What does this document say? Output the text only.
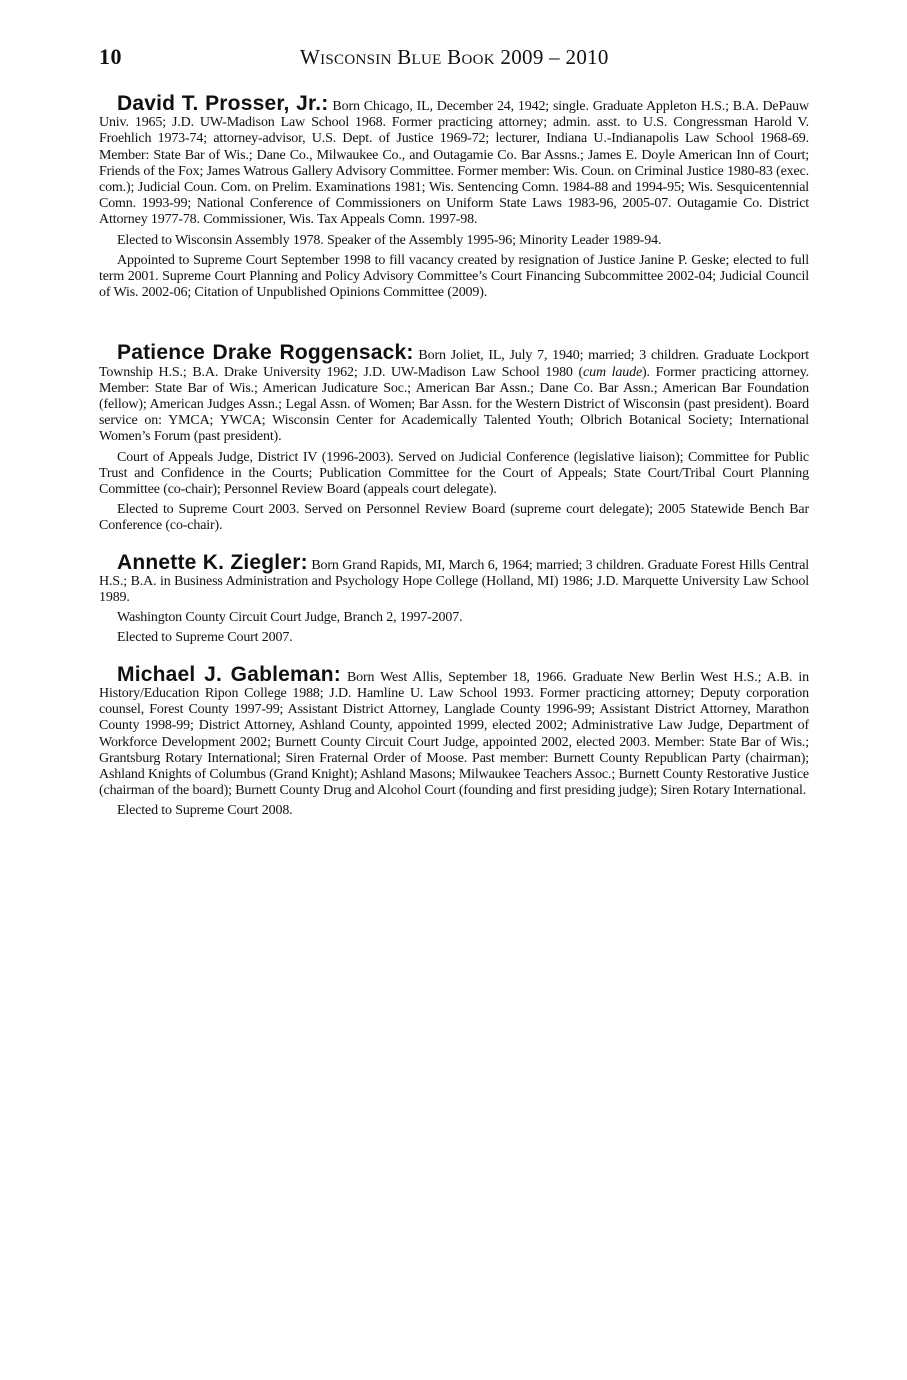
10	Wisconsin Blue Book 2009 – 2010

David T. Prosser, Jr.: Born Chicago, IL, December 24, 1942; single. Graduate Appleton H.S.; B.A. DePauw Univ. 1965; J.D. UW-Madison Law School 1968. Former practicing attorney; admin. asst. to U.S. Congressman Harold V. Froehlich 1973-74; attorney-advisor, U.S. Dept. of Justice 1969-72; lecturer, Indiana U.-Indianapolis Law School 1968-69. Member: State Bar of Wis.; Dane Co., Milwaukee Co., and Outagamie Co. Bar Assns.; James E. Doyle American Inn of Court; Friends of the Fox; James Watrous Gallery Advisory Committee. Former member: Wis. Coun. on Criminal Justice 1980-83 (exec. com.); Judicial Coun. Com. on Prelim. Examinations 1981; Wis. Sentencing Comn. 1984-88 and 1994-95; Wis. Sesquicentennial Comn. 1993-99; National Conference of Commissioners on Uniform State Laws 1983-96, 2005-07. Outagamie Co. District Attorney 1977-78. Commissioner, Wis. Tax Appeals Comn. 1997-98.

Elected to Wisconsin Assembly 1978. Speaker of the Assembly 1995-96; Minority Leader 1989-94.

Appointed to Supreme Court September 1998 to fill vacancy created by resignation of Justice Janine P. Geske; elected to full term 2001. Supreme Court Planning and Policy Advisory Committee’s Court Financing Subcommittee 2002-04; Judicial Council of Wis. 2002-06; Citation of Unpublished Opinions Committee (2009).

Patience Drake Roggensack: Born Joliet, IL, July 7, 1940; married; 3 children. Graduate Lockport Township H.S.; B.A. Drake University 1962; J.D. UW-Madison Law School 1980 (cum laude). Former practicing attorney. Member: State Bar of Wis.; American Judicature Soc.; American Bar Assn.; Dane Co. Bar Assn.; American Bar Foundation (fellow); American Judges Assn.; Legal Assn. of Women; Bar Assn. for the Western District of Wisconsin (past president). Board service on: YMCA; YWCA; Wisconsin Center for Academically Talented Youth; Olbrich Botanical Society; International Women’s Forum (past president).

Court of Appeals Judge, District IV (1996-2003). Served on Judicial Conference (legislative liaison); Committee for Public Trust and Confidence in the Courts; Publication Committee for the Court of Appeals; State Court/Tribal Court Planning Committee (co-chair); Personnel Review Board (appeals court delegate).

Elected to Supreme Court 2003. Served on Personnel Review Board (supreme court delegate); 2005 Statewide Bench Bar Conference (co-chair).

Annette K. Ziegler: Born Grand Rapids, MI, March 6, 1964; married; 3 children. Graduate Forest Hills Central H.S.; B.A. in Business Administration and Psychology Hope College (Holland, MI) 1986; J.D. Marquette University Law School 1989.

Washington County Circuit Court Judge, Branch 2, 1997-2007.

Elected to Supreme Court 2007.

Michael J. Gableman: Born West Allis, September 18, 1966. Graduate New Berlin West H.S.; A.B. in History/Education Ripon College 1988; J.D. Hamline U. Law School 1993. Former practicing attorney; Deputy corporation counsel, Forest County 1997-99; Assistant District Attorney, Langlade County 1996-99; Assistant District Attorney, Marathon County 1998-99; District Attorney, Ashland County, appointed 1999, elected 2002; Administrative Law Judge, Department of Workforce Development 2002; Burnett County Circuit Court Judge, appointed 2002, elected 2003. Member: State Bar of Wis.; Grantsburg Rotary International; Siren Fraternal Order of Moose. Past member: Burnett County Republican Party (chairman); Ashland Knights of Columbus (Grand Knight); Ashland Masons; Milwaukee Teachers Assoc.; Burnett County Restorative Justice (chairman of the board); Burnett County Drug and Alcohol Court (founding and first presiding judge); Siren Rotary International.

Elected to Supreme Court 2008.
